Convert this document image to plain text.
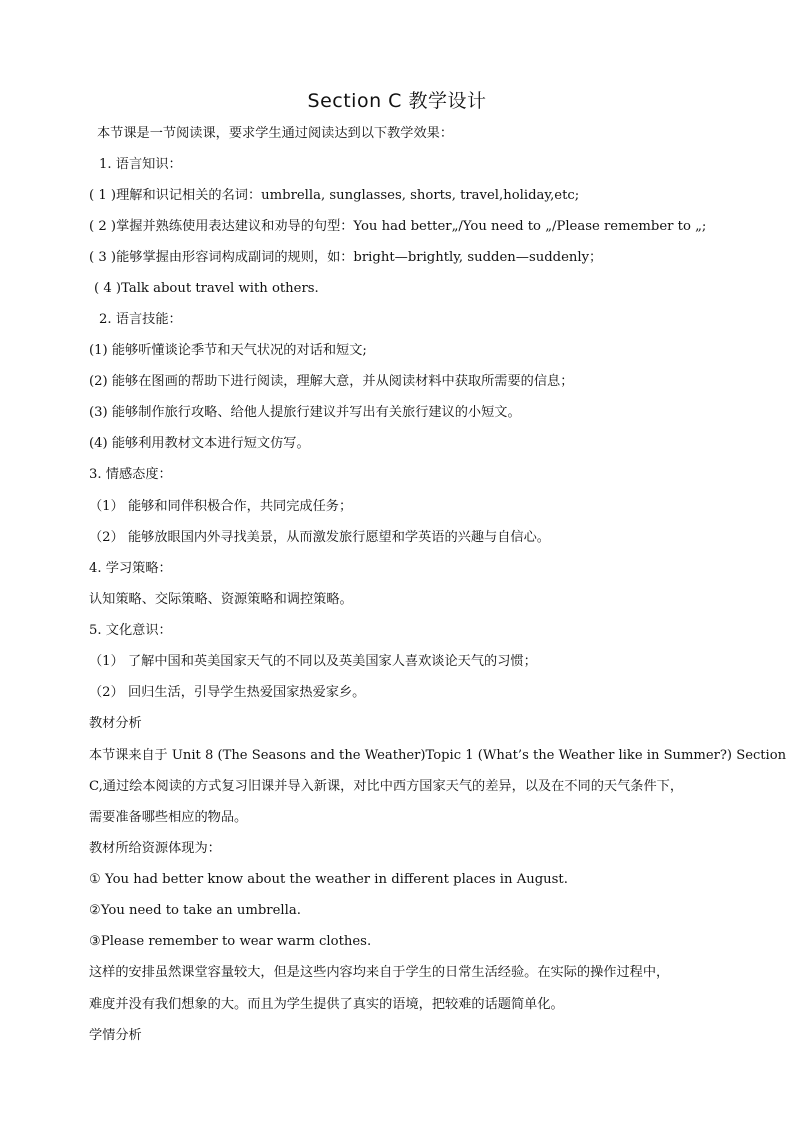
Section C 教学设计
本节课是一节阅读课，要求学生通过阅读达到以下教学效果：
1. 语言知识：
( 1 )理解和识记相关的名词：umbrella, sunglasses, shorts, travel,holiday,etc;
( 2 )掌握并熟练使用表达建议和劝导的句型：You had better„/You need to „/Please remember to „;
( 3 )能够掌握由形容词构成副词的规则，如：bright—brightly, sudden—suddenly；
( 4 )Talk about travel with others.
2. 语言技能：
(1) 能够听懂谈论季节和天气状况的对话和短文;
(2) 能够在图画的帮助下进行阅读，理解大意，并从阅读材料中获取所需要的信息；
(3) 能够制作旅行攻略、给他人提旅行建议并写出有关旅行建议的小短文。
(4) 能够利用教材文本进行短文仿写。
3. 情感态度：
（1） 能够和同伴积极合作，共同完成任务；
（2） 能够放眼国内外寻找美景，从而激发旅行愿望和学英语的兴趣与自信心。
4. 学习策略：
认知策略、交际策略、资源策略和调控策略。
5. 文化意识：
（1） 了解中国和英美国家天气的不同以及英美国家人喜欢谈论天气的习惯；
（2） 回归生活，引导学生热爱国家热爱家乡。
教材分析
本节课来自于 Unit 8 (The Seasons and the Weather)Topic 1 (What’s the Weather like in Summer?) Section
C,通过绘本阅读的方式复习旧课并导入新课，对比中西方国家天气的差异，以及在不同的天气条件下，
需要准备哪些相应的物品。
教材所给资源体现为：
① You had better know about the weather in different places in August.
②You need to take an umbrella.
③Please remember to wear warm clothes.
这样的安排虽然课堂容量较大，但是这些内容均来自于学生的日常生活经验。在实际的操作过程中，
难度并没有我们想象的大。而且为学生提供了真实的语境，把较难的话题简单化。
学情分析
